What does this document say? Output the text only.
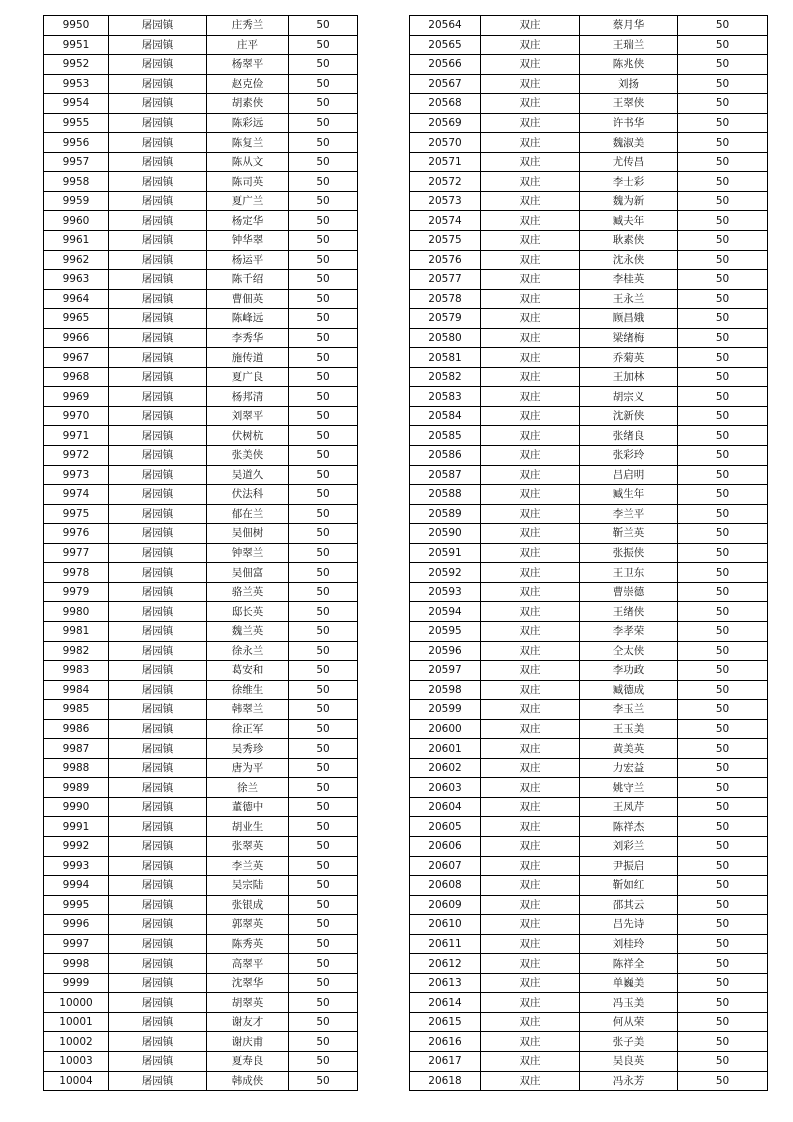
9950	屠园镇	庄秀兰	50
9951	屠园镇	庄平	50
9952	屠园镇	杨翠平	50
9953	屠园镇	赵克俭	50
9954	屠园镇	胡素侠	50
9955	屠园镇	陈彩远	50
9956	屠园镇	陈复兰	50
9957	屠园镇	陈从文	50
9958	屠园镇	陈司英	50
9959	屠园镇	夏广兰	50
9960	屠园镇	杨定华	50
9961	屠园镇	钟华翠	50
9962	屠园镇	杨运平	50
9963	屠园镇	陈千绍	50
9964	屠园镇	曹佃英	50
9965	屠园镇	陈峰远	50
9966	屠园镇	李秀华	50
9967	屠园镇	施传道	50
9968	屠园镇	夏广良	50
9969	屠园镇	杨邦清	50
9970	屠园镇	刘翠平	50
9971	屠园镇	伏树杭	50
9972	屠园镇	张美侠	50
9973	屠园镇	吴道久	50
9974	屠园镇	伏法科	50
9975	屠园镇	郁在兰	50
9976	屠园镇	吴佃树	50
9977	屠园镇	钟翠兰	50
9978	屠园镇	吴佃富	50
9979	屠园镇	骆兰英	50
9980	屠园镇	邸长英	50
9981	屠园镇	魏兰英	50
9982	屠园镇	徐永兰	50
9983	屠园镇	葛安和	50
9984	屠园镇	徐维生	50
9985	屠园镇	韩翠兰	50
9986	屠园镇	徐正军	50
9987	屠园镇	吴秀珍	50
9988	屠园镇	唐为平	50
9989	屠园镇	徐兰	50
9990	屠园镇	董德中	50
9991	屠园镇	胡业生	50
9992	屠园镇	张翠英	50
9993	屠园镇	李兰英	50
9994	屠园镇	吴宗陆	50
9995	屠园镇	张银成	50
9996	屠园镇	郭翠英	50
9997	屠园镇	陈秀英	50
9998	屠园镇	高翠平	50
9999	屠园镇	沈翠华	50
10000	屠园镇	胡翠英	50
10001	屠园镇	谢友才	50
10002	屠园镇	谢庆甫	50
10003	屠园镇	夏寿良	50
10004	屠园镇	韩成侠	50
20564	双庄	蔡月华	50
20565	双庄	王瑞兰	50
20566	双庄	陈兆侠	50
20567	双庄	刘扬	50
20568	双庄	王翠侠	50
20569	双庄	许书华	50
20570	双庄	魏淑美	50
20571	双庄	尤传昌	50
20572	双庄	李士彩	50
20573	双庄	魏为新	50
20574	双庄	臧夫年	50
20575	双庄	耿素侠	50
20576	双庄	沈永侠	50
20577	双庄	李桂英	50
20578	双庄	王永兰	50
20579	双庄	顾昌娥	50
20580	双庄	梁绪梅	50
20581	双庄	乔菊英	50
20582	双庄	王加林	50
20583	双庄	胡宗义	50
20584	双庄	沈新侠	50
20585	双庄	张绪良	50
20586	双庄	张彩玲	50
20587	双庄	吕启明	50
20588	双庄	臧生年	50
20589	双庄	李兰平	50
20590	双庄	靳兰英	50
20591	双庄	张振侠	50
20592	双庄	王卫东	50
20593	双庄	曹崇德	50
20594	双庄	王绪侠	50
20595	双庄	李孝荣	50
20596	双庄	仝太侠	50
20597	双庄	李功政	50
20598	双庄	臧德成	50
20599	双庄	李玉兰	50
20600	双庄	王玉美	50
20601	双庄	黄美英	50
20602	双庄	力宏益	50
20603	双庄	姚守兰	50
20604	双庄	王凤芹	50
20605	双庄	陈祥杰	50
20606	双庄	刘彩兰	50
20607	双庄	尹振启	50
20608	双庄	靳如红	50
20609	双庄	邵其云	50
20610	双庄	吕先诗	50
20611	双庄	刘桂玲	50
20612	双庄	陈祥全	50
20613	双庄	单巍美	50
20614	双庄	冯玉美	50
20615	双庄	何从荣	50
20616	双庄	张子美	50
20617	双庄	吴良英	50
20618	双庄	冯永芳	50
